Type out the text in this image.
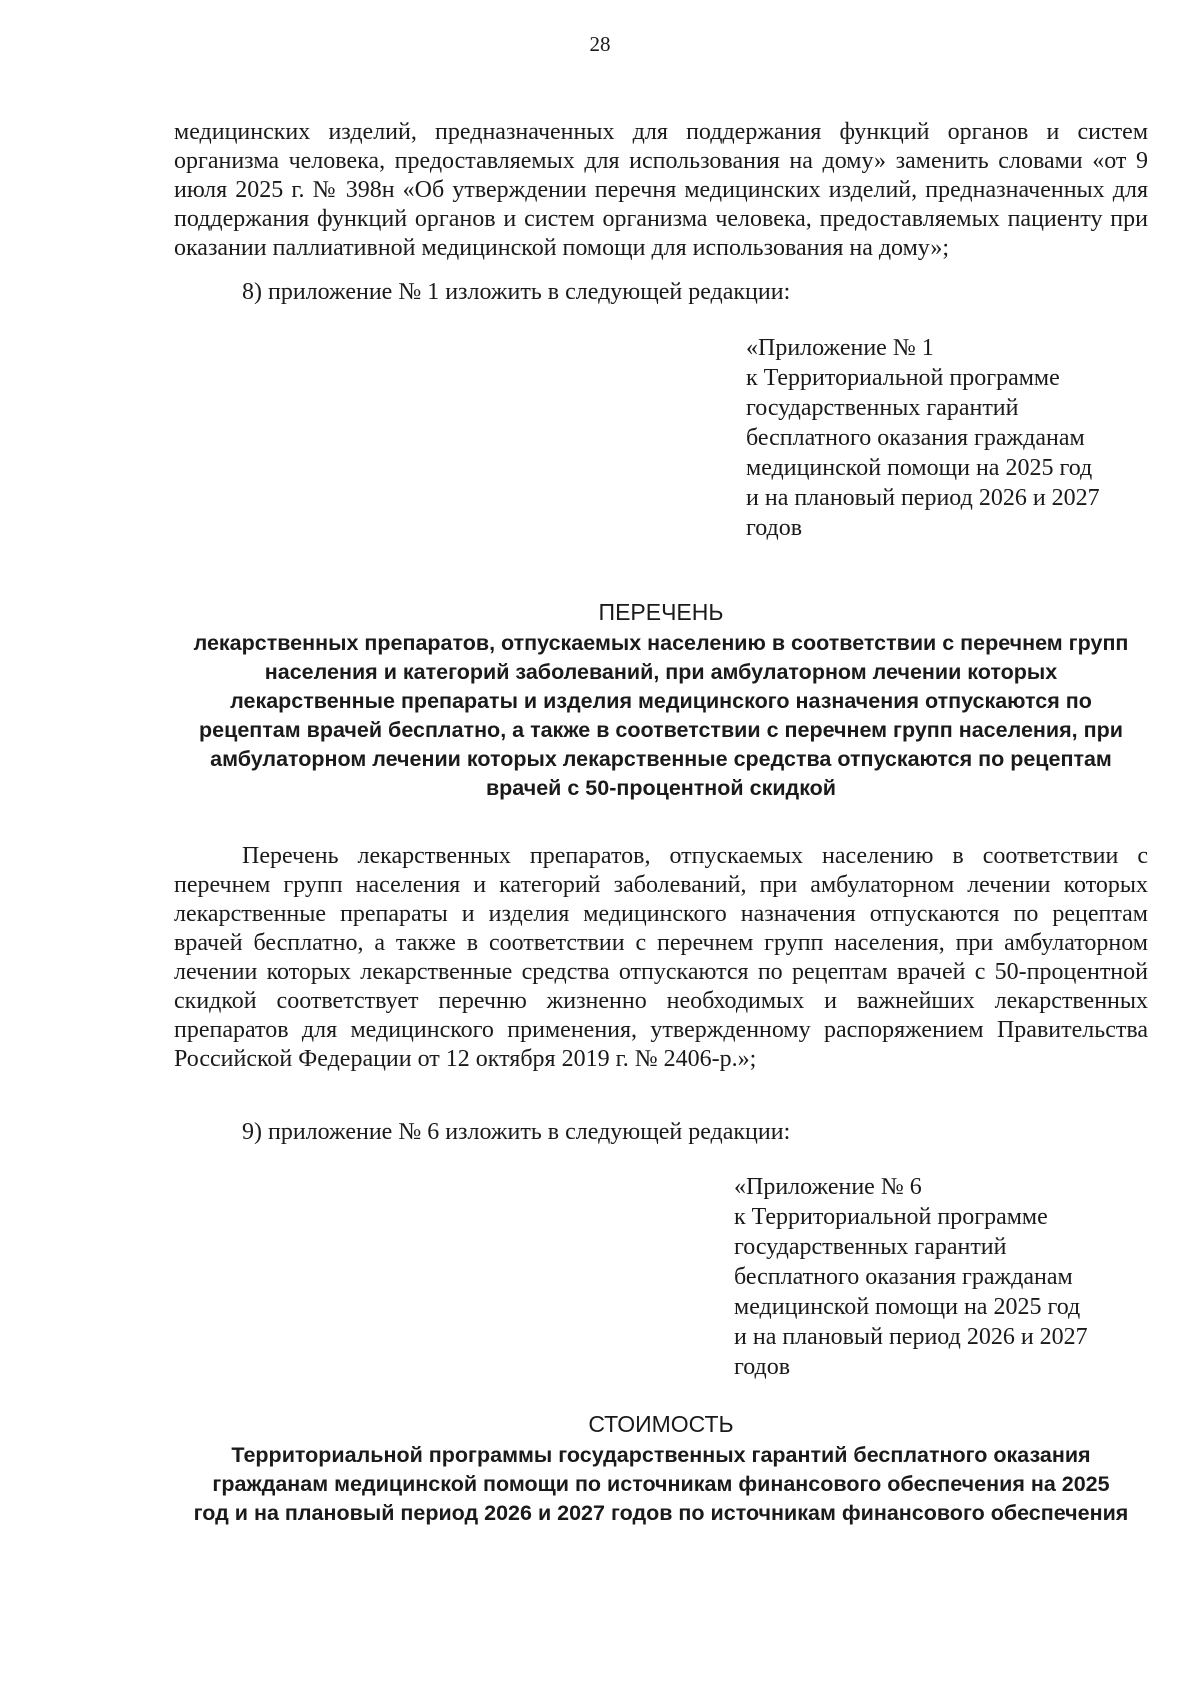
28

медицинских изделий, предназначенных для поддержания функций органов и систем организма человека, предоставляемых для использования на дому» заменить словами «от 9 июля 2025 г. № 398н «Об утверждении перечня медицинских изделий, предназначенных для поддержания функций органов и систем организма человека, предоставляемых пациенту при оказании паллиативной медицинской помощи для использования на дому»;

8) приложение № 1 изложить в следующей редакции:

«Приложение № 1
к Территориальной программе
государственных гарантий
бесплатного оказания гражданам
медицинской помощи на 2025 год
и на плановый период 2026 и 2027
годов
ПЕРЕЧЕНЬ
лекарственных препаратов, отпускаемых населению в соответствии с перечнем групп
населения и категорий заболеваний, при амбулаторном лечении которых
лекарственные препараты и изделия медицинского назначения отпускаются по
рецептам врачей бесплатно, а также в соответствии с перечнем групп населения, при
амбулаторном лечении которых лекарственные средства отпускаются по рецептам
врачей с 50-процентной скидкой

Перечень лекарственных препаратов, отпускаемых населению в соответствии с перечнем групп населения и категорий заболеваний, при амбулаторном лечении которых лекарственные препараты и изделия медицинского назначения отпускаются по рецептам врачей бесплатно, а также в соответствии с перечнем групп населения, при амбулаторном лечении которых лекарственные средства отпускаются по рецептам врачей с 50-процентной скидкой соответствует перечню жизненно необходимых и важнейших лекарственных препаратов для медицинского применения, утвержденному распоряжением Правительства Российской Федерации от 12 октября 2019 г. № 2406-р.»;

9) приложение № 6 изложить в следующей редакции:

«Приложение № 6
к Территориальной программе
государственных гарантий
бесплатного оказания гражданам
медицинской помощи на 2025 год
и на плановый период 2026 и 2027
годов
СТОИМОСТЬ
Территориальной программы государственных гарантий бесплатного оказания
гражданам медицинской помощи по источникам финансового обеспечения на 2025
год и на плановый период 2026 и 2027 годов по источникам финансового обеспечения
